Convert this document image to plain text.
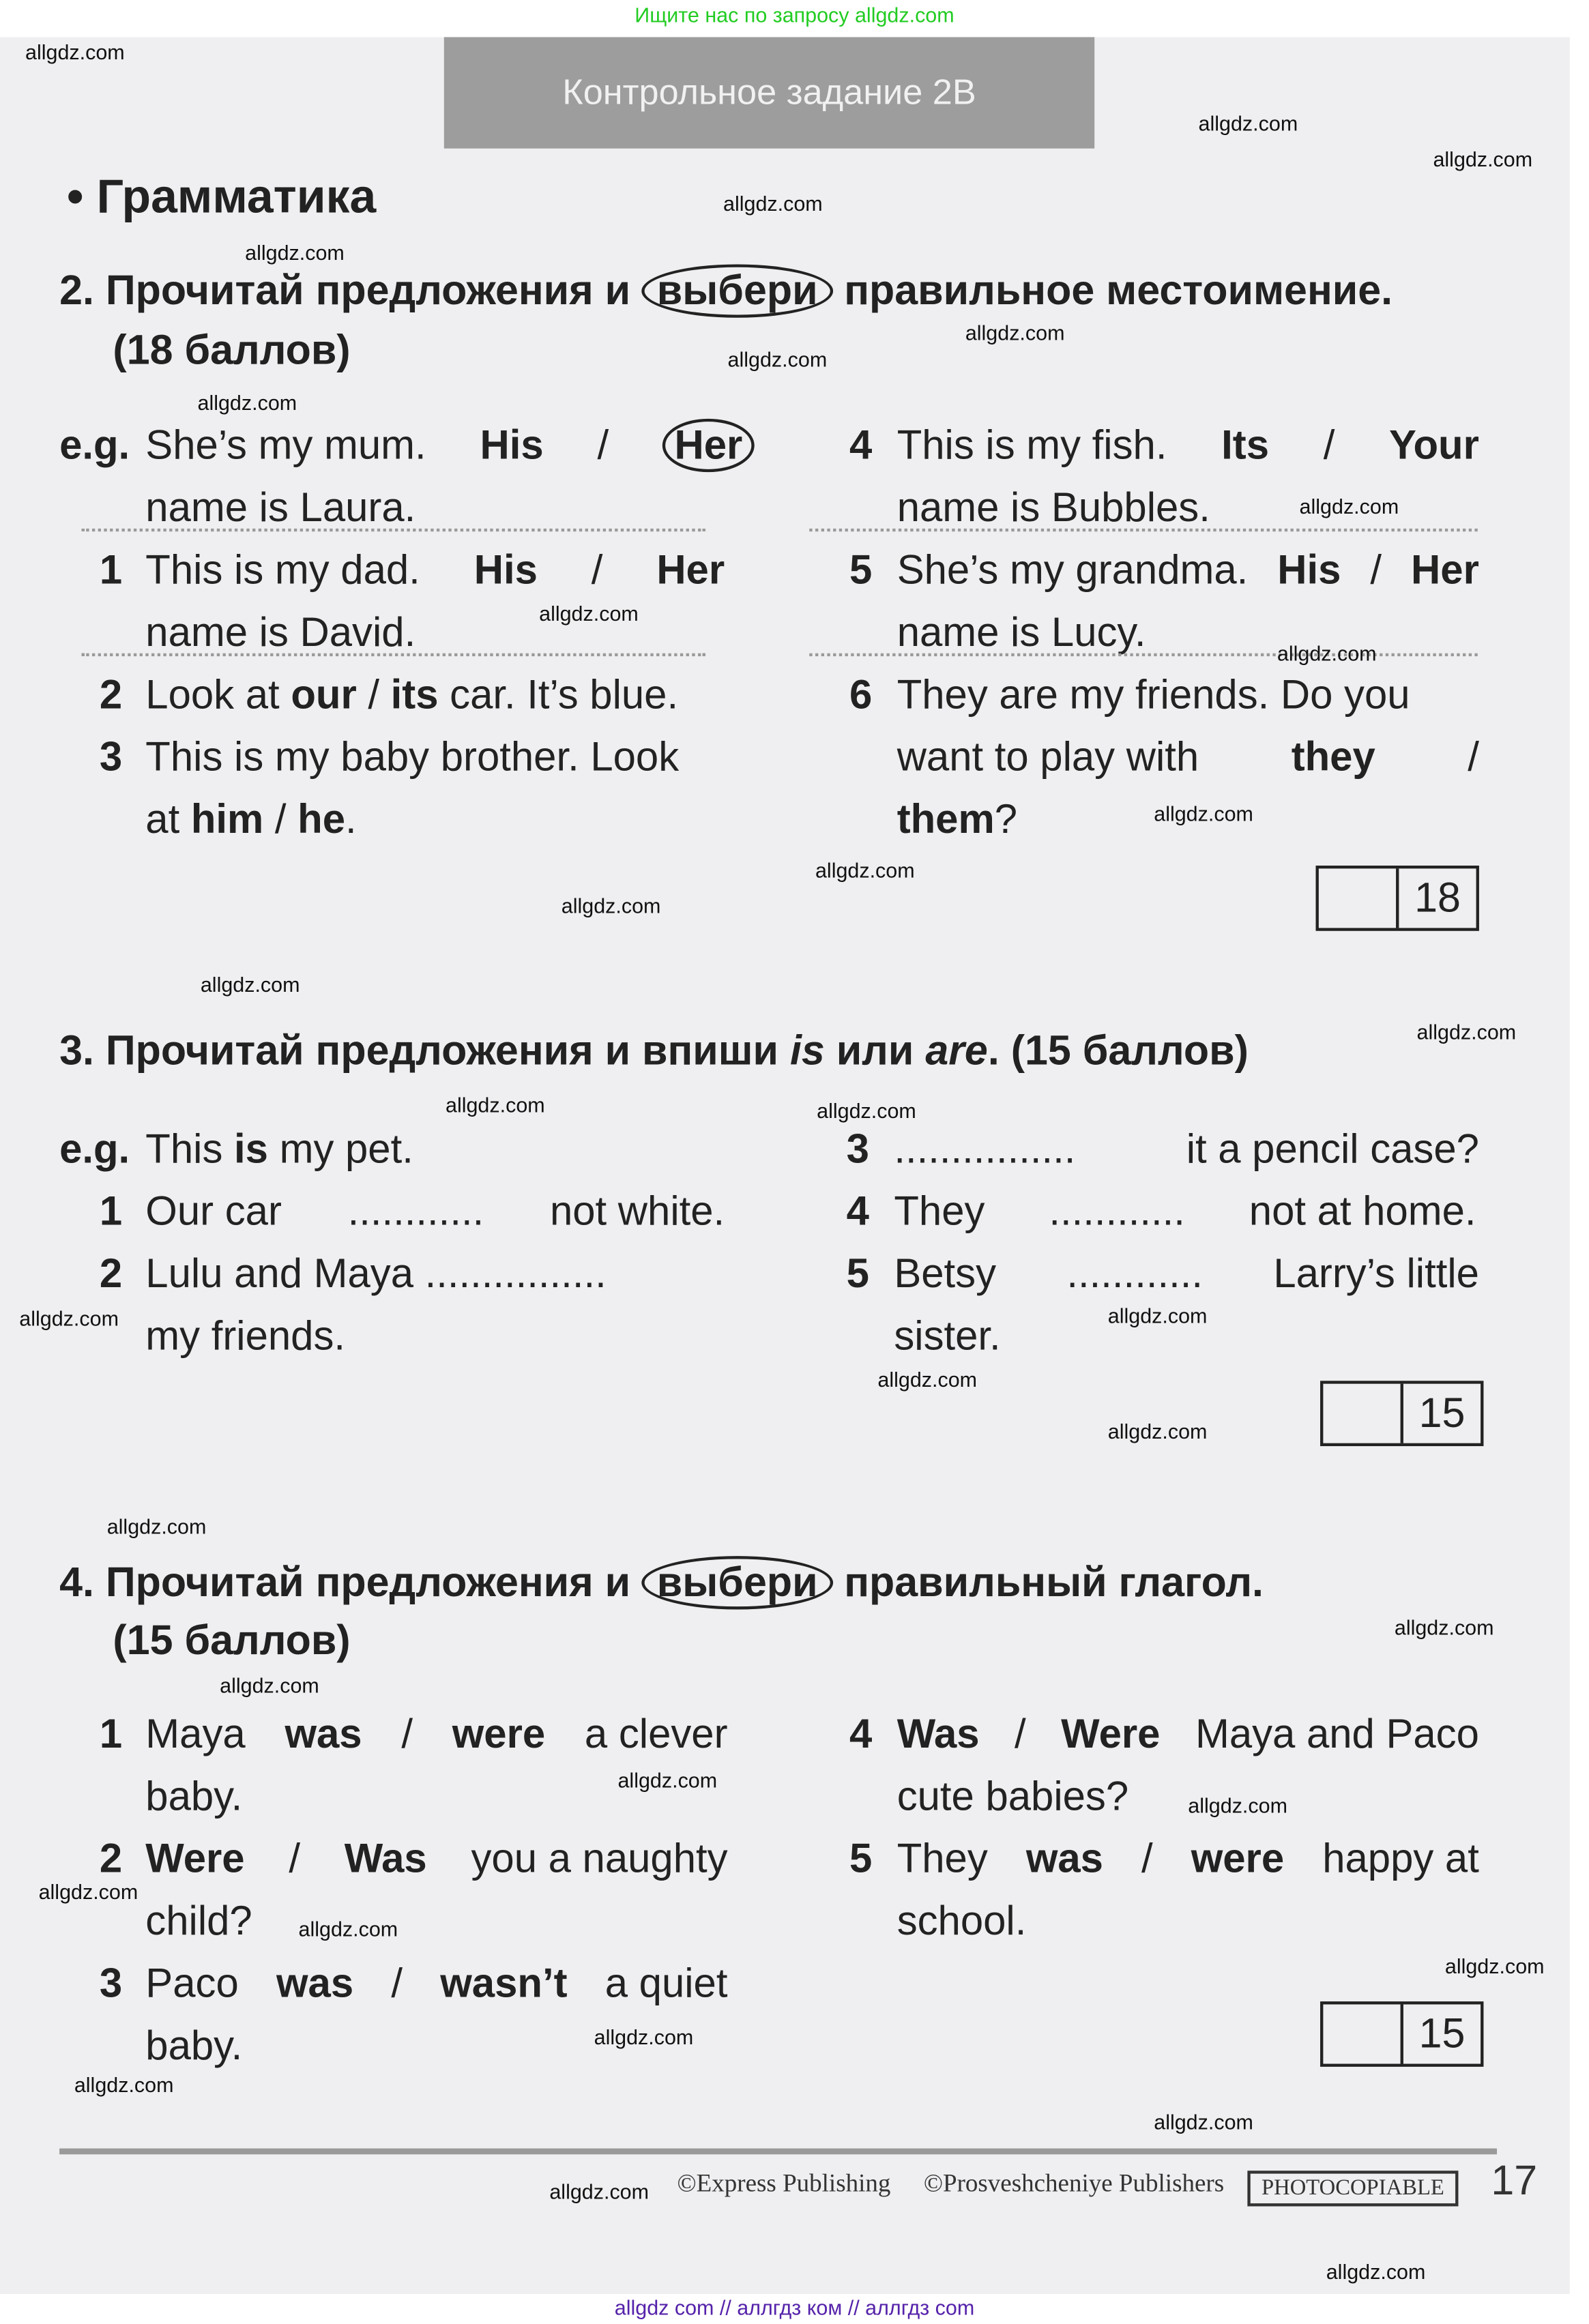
Ищите нас по запросу allgdz.com
Контрольное задание 2B
• Грамматика
2. Прочитай предложения и выбери правильное местоимение.
(18 баллов)
e.g. She’s my mum.	His	/	Her
name is Laura.
1 This is my dad.	His	/	Her
name is David.
2 Look at our / its car. It’s blue.
3 This is my baby brother. Look
at him / he.
4 This is my fish.	Its	/	Your
name is Bubbles.
5 She’s my grandma. His / Her
name is Lucy.
6 They are my friends. Do you
want to play with	they	/
them?
18
3. Прочитай предложения и впиши is или are. (15 баллов)
e.g. This is my pet.
1 Our car	............	not white.
2 Lulu and Maya ................
my friends.
3 ................	it a pencil case?
4 They	............	not at home.
5 Betsy	............	Larry’s little
sister.
15
4. Прочитай предложения и выбери правильный глагол.
(15 баллов)
1 Maya was / were a clever
baby.
2 Were / Was you a naughty
child?
3 Paco was / wasn’t a quiet
baby.
4 Was / Were Maya and Paco
cute babies?
5 They was / were happy at
school.
15
©Express Publishing	©Prosveshcheniye Publishers	PHOTOCOPIABLE	17
allgdz.com
allgdz.com
allgdz.com
allgdz.com
allgdz.com
allgdz.com
allgdz.com
allgdz.com
allgdz.com
allgdz.com
allgdz.com
allgdz.com
allgdz.com
allgdz.com
allgdz.com
allgdz.com
allgdz.com
allgdz.com
allgdz.com
allgdz.com
allgdz.com
allgdz.com
allgdz.com
allgdz.com
allgdz.com
allgdz.com
allgdz.com
allgdz.com
allgdz.com
allgdz.com
allgdz.com
allgdz.com
allgdz.com
allgdz.com
allgdz.com
allgdz com // аллгдз ком // аллгдз com
